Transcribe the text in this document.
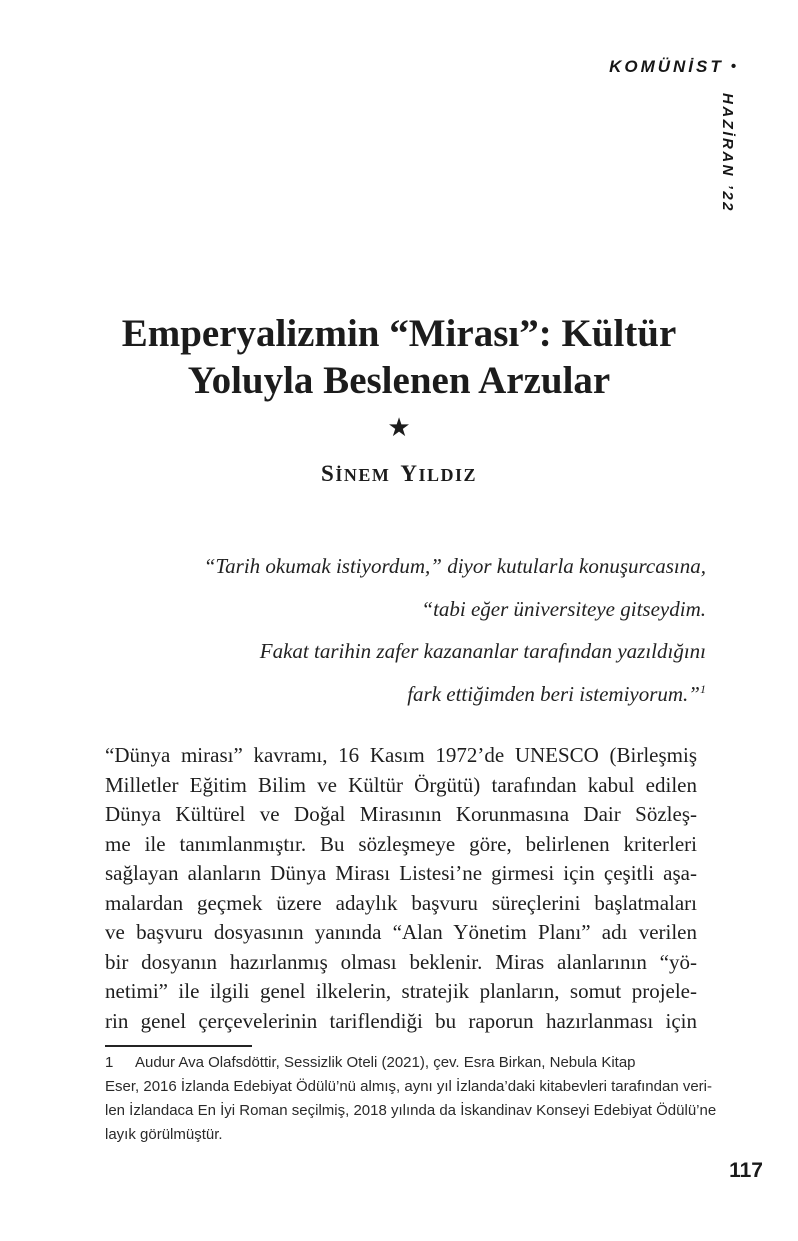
KOMÜNİST •
HAZİRAN ’22
Emperyalizmin “Mirası”: Kültür
Yoluyla Beslenen Arzular
★
SİNEM YILDIZ
“Tarih okumak istiyordum,” diyor kutularla konuşurcasına,
“tabi eğer üniversiteye gitseydim.
Fakat tarihin zafer kazananlar tarafından yazıldığını
fark ettiğimden beri istemiyorum.”$^1$
“Dünya mirası” kavramı, 16 Kasım 1972’de UNESCO (Birleşmiş
Milletler Eğitim Bilim ve Kültür Örgütü) tarafından kabul edilen
Dünya Kültürel ve Doğal Mirasının Korunmasına Dair Sözleş-
me ile tanımlanmıştır. Bu sözleşmeye göre, belirlenen kriterleri
sağlayan alanların Dünya Mirası Listesi’ne girmesi için çeşitli aşa-
malardan geçmek üzere adaylık başvuru süreçlerini başlatmaları
ve başvuru dosyasının yanında “Alan Yönetim Planı” adı verilen
bir dosyanın hazırlanmış olması beklenir. Miras alanlarının “yö-
netimi” ile ilgili genel ilkelerin, stratejik planların, somut projele-
rin genel çerçevelerinin tariflendiği bu raporun hazırlanması için
1 Audur Ava Olafsdöttir, Sessizlik Oteli (2021), çev. Esra Birkan, Nebula Kitap
Eser, 2016 İzlanda Edebiyat Ödülü’nü almış, aynı yıl İzlanda’daki kitabevleri tarafından veri-
len İzlandaca En İyi Roman seçilmiş, 2018 yılında da İskandinav Konseyi Edebiyat Ödülü’ne
layık görülmüştür.
117
